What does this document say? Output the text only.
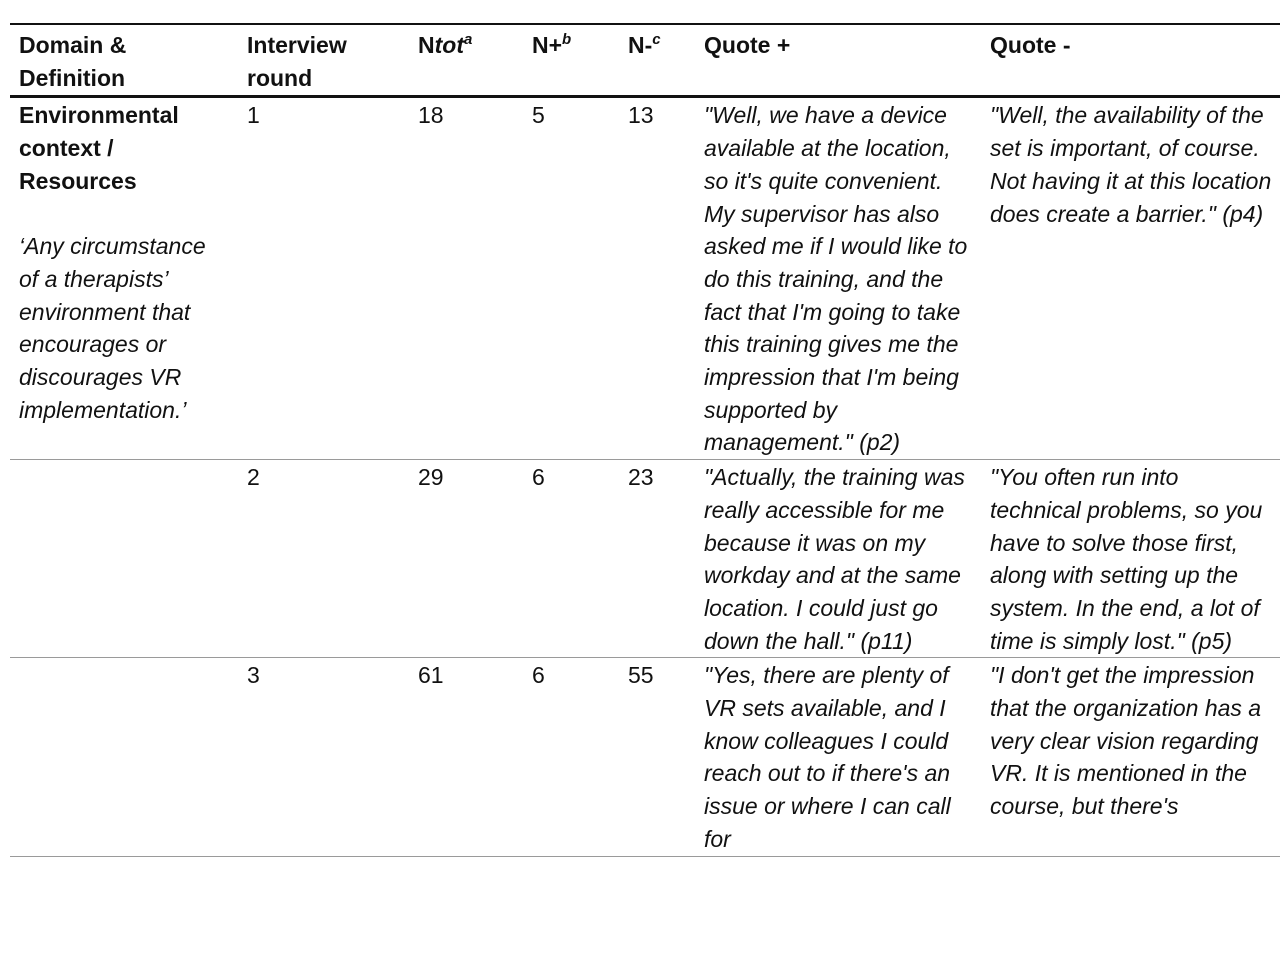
Domain & Definition	Interview round	Ntot$^a$	N+$^b$	N-$^c$	Quote +	Quote -

Environmental context / Resources
‘Any circumstance of a therapists’ environment that encourages or discourages VR implementation.’	1	18	5	13	"Well, we have a device available at the location, so it's quite convenient. My supervisor has also asked me if I would like to do this training, and the fact that I'm going to take this training gives me the impression that I'm being supported by management." (p2)	"Well, the availability of the set is important, of course. Not having it at this location does create a barrier." (p4)
	2	29	6	23	"Actually, the training was really accessible for me because it was on my workday and at the same location. I could just go down the hall." (p11)	"You often run into technical problems, so you have to solve those first, along with setting up the system. In the end, a lot of time is simply lost." (p5)
	3	61	6	55	"Yes, there are plenty of VR sets available, and I know colleagues I could reach out to if there's an issue or where I can call for	"I don't get the impression that the organization has a very clear vision regarding VR. It is mentioned in the course, but there's
